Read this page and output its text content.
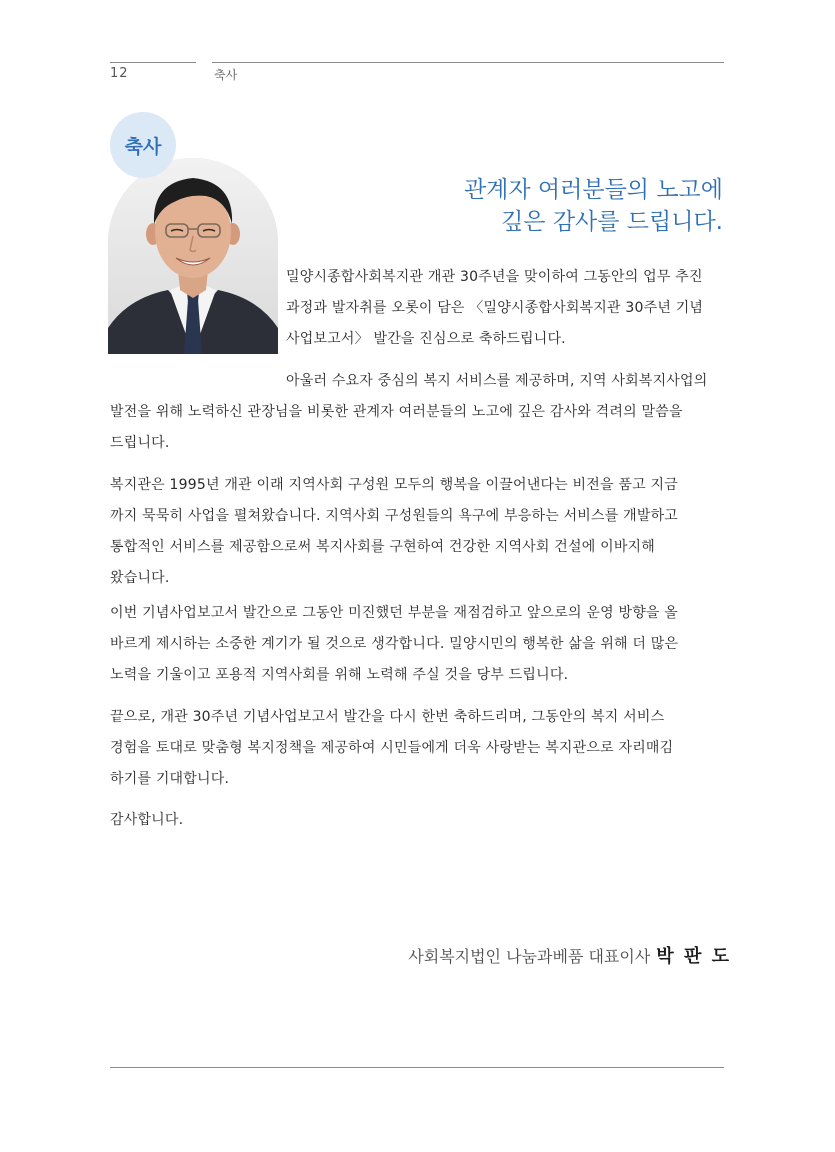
12	축사
축사
관계자 여러분들의 노고에
깊은 감사를 드립니다.
밀양시종합사회복지관 개관 30주년을 맞이하여 그동안의 업무 추진
과정과 발자취를 오롯이 담은 〈밀양시종합사회복지관 30주년 기념
사업보고서〉 발간을 진심으로 축하드립니다.
아울러 수요자 중심의 복지 서비스를 제공하며, 지역 사회복지사업의
발전을 위해 노력하신 관장님을 비롯한 관계자 여러분들의 노고에 깊은 감사와 격려의 말씀을
드립니다.
복지관은 1995년 개관 이래 지역사회 구성원 모두의 행복을 이끌어낸다는 비전을 품고 지금
까지 묵묵히 사업을 펼쳐왔습니다. 지역사회 구성원들의 욕구에 부응하는 서비스를 개발하고
통합적인 서비스를 제공함으로써 복지사회를 구현하여 건강한 지역사회 건설에 이바지해
왔습니다.
이번 기념사업보고서 발간으로 그동안 미진했던 부분을 재점검하고 앞으로의 운영 방향을 올
바르게 제시하는 소중한 계기가 될 것으로 생각합니다. 밀양시민의 행복한 삶을 위해 더 많은
노력을 기울이고 포용적 지역사회를 위해 노력해 주실 것을 당부 드립니다.
끝으로, 개관 30주년 기념사업보고서 발간을 다시 한번 축하드리며, 그동안의 복지 서비스
경험을 토대로 맞춤형 복지정책을 제공하여 시민들에게 더욱 사랑받는 복지관으로 자리매김
하기를 기대합니다.
감사합니다.
사회복지법인 나눔과베품 대표이사 박 판 도
